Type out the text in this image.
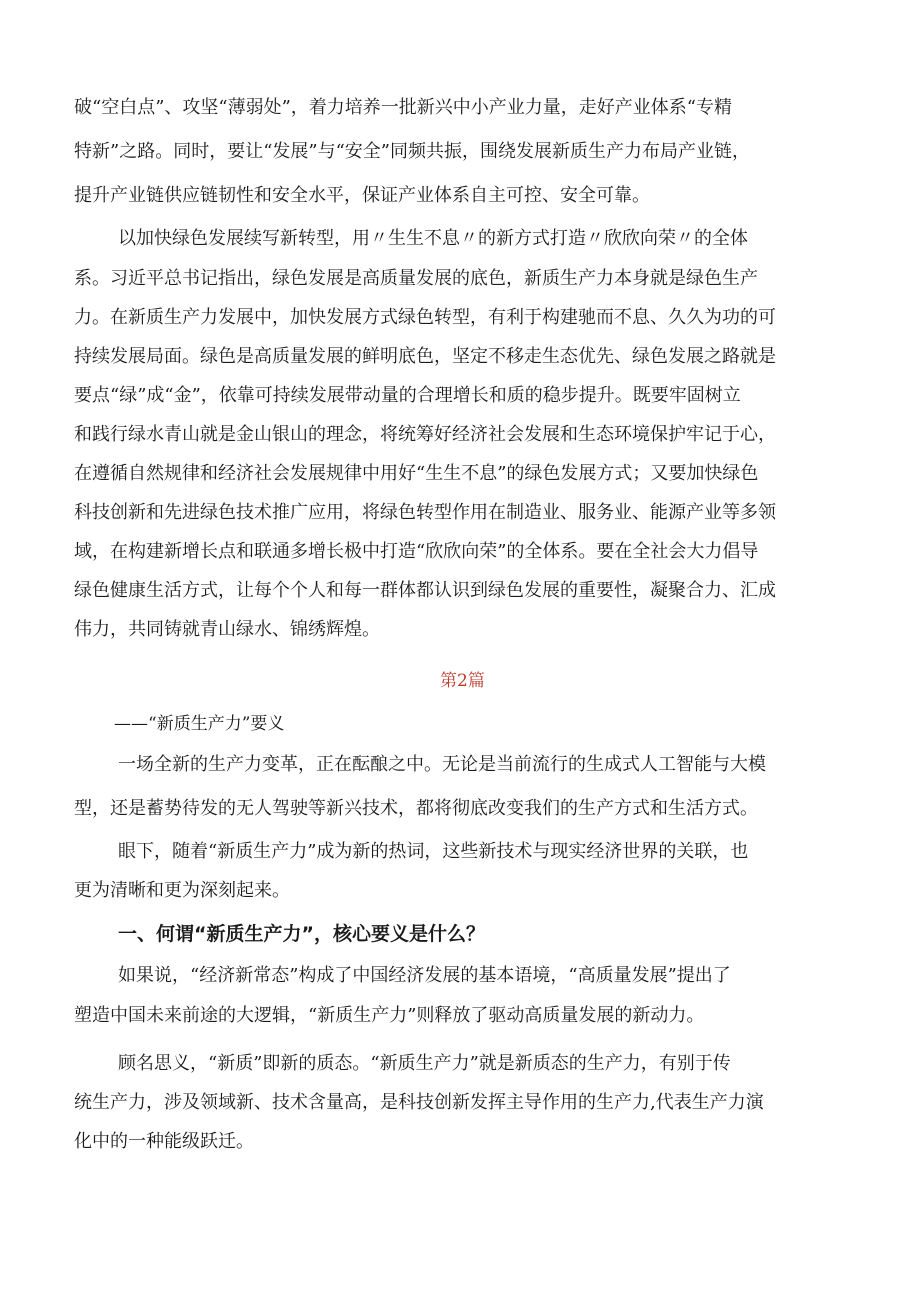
破“空白点”、攻坚“薄弱处”，着力培养一批新兴中小产业力量，走好产业体系“专精
特新”之路。同时，要让“发展”与“安全”同频共振，围绕发展新质生产力布局产业链，
提升产业链供应链韧性和安全水平，保证产业体系自主可控、安全可靠。
以加快绿色发展续写新转型，用〃生生不息〃的新方式打造〃欣欣向荣〃的全体
系。习近平总书记指出，绿色发展是高质量发展的底色，新质生产力本身就是绿色生产
力。在新质生产力发展中，加快发展方式绿色转型，有利于构建驰而不息、久久为功的可
持续发展局面。绿色是高质量发展的鲜明底色，坚定不移走生态优先、绿色发展之路就是
要点“绿”成“金”，依靠可持续发展带动量的合理增长和质的稳步提升。既要牢固树立
和践行绿水青山就是金山银山的理念，将统筹好经济社会发展和生态环境保护牢记于心，
在遵循自然规律和经济社会发展规律中用好“生生不息”的绿色发展方式；又要加快绿色
科技创新和先进绿色技术推广应用，将绿色转型作用在制造业、服务业、能源产业等多领
域，在构建新增长点和联通多增长极中打造“欣欣向荣”的全体系。要在全社会大力倡导
绿色健康生活方式，让每个个人和每一群体都认识到绿色发展的重要性，凝聚合力、汇成
伟力，共同铸就青山绿水、锦绣辉煌。
第2篇
——“新质生产力”要义
一场全新的生产力变革，正在酝酿之中。无论是当前流行的生成式人工智能与大模
型，还是蓄势待发的无人驾驶等新兴技术，都将彻底改变我们的生产方式和生活方式。
眼下，随着“新质生产力”成为新的热词，这些新技术与现实经济世界的关联，也
更为清晰和更为深刻起来。
一、何谓“新质生产力”，核心要义是什么？
如果说，“经济新常态”构成了中国经济发展的基本语境，“高质量发展”提出了
塑造中国未来前途的大逻辑，“新质生产力”则释放了驱动高质量发展的新动力。
顾名思义，“新质”即新的质态。“新质生产力”就是新质态的生产力，有别于传
统生产力，涉及领域新、技术含量高，是科技创新发挥主导作用的生产力,代表生产力演
化中的一种能级跃迁。
